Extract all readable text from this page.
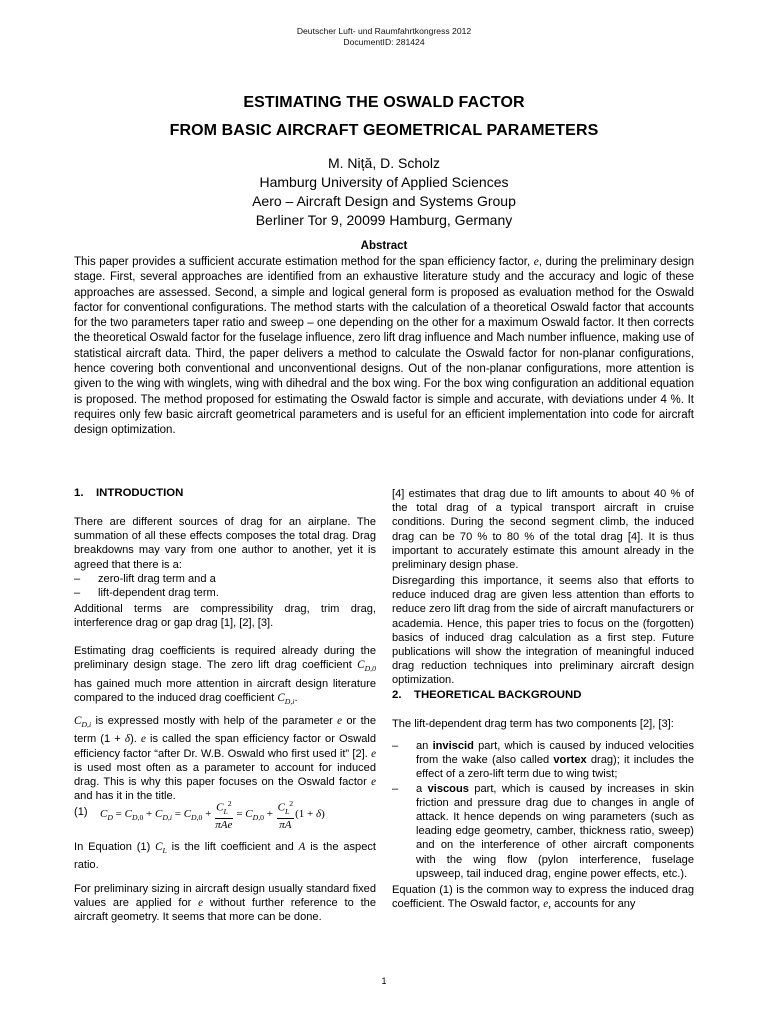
Deutscher Luft- und Raumfahrtkongress 2012
DocumentID: 281424
ESTIMATING THE OSWALD FACTOR
FROM BASIC AIRCRAFT GEOMETRICAL PARAMETERS
M. Niță, D. Scholz
Hamburg University of Applied Sciences
Aero – Aircraft Design and Systems Group
Berliner Tor 9, 20099 Hamburg, Germany
Abstract
This paper provides a sufficient accurate estimation method for the span efficiency factor, e, during the preliminary design stage. First, several approaches are identified from an exhaustive literature study and the accuracy and logic of these approaches are assessed. Second, a simple and logical general form is proposed as evaluation method for the Oswald factor for conventional configurations. The method starts with the calculation of a theoretical Oswald factor that accounts for the two parameters taper ratio and sweep – one depending on the other for a maximum Oswald factor. It then corrects the theoretical Oswald factor for the fuselage influence, zero lift drag influence and Mach number influence, making use of statistical aircraft data. Third, the paper delivers a method to calculate the Oswald factor for non-planar configurations, hence covering both conventional and unconventional designs. Out of the non-planar configurations, more attention is given to the wing with winglets, wing with dihedral and the box wing. For the box wing configuration an additional equation is proposed. The method proposed for estimating the Oswald factor is simple and accurate, with deviations under 4 %. It requires only few basic aircraft geometrical parameters and is useful for an efficient implementation into code for aircraft design optimization.
1. INTRODUCTION
There are different sources of drag for an airplane. The summation of all these effects composes the total drag. Drag breakdowns may vary from one author to another, yet it is agreed that there is a:
– zero-lift drag term and a
– lift-dependent drag term.
Additional terms are compressibility drag, trim drag, interference drag or gap drag [1], [2], [3].
Estimating drag coefficients is required already during the preliminary design stage. The zero lift drag coefficient $C_{D,0}$ has gained much more attention in aircraft design literature compared to the induced drag coefficient $C_{D,i}$.
$C_{D,i}$ is expressed mostly with help of the parameter e or the term (1 + δ). e is called the span efficiency factor or Oswald efficiency factor “after Dr. W.B. Oswald who first used it” [2]. e is used most often as a parameter to account for induced drag. This is why this paper focuses on the Oswald factor e and has it in the title.
(1) $C_D = C_{D,0} + C_{D,i} = C_{D,0} + \frac{C_L^2}{\text{πAe}} = C_{D,0} + \frac{C_L^2}{\pi A} (1 + \delta)$
In Equation (1) $C_L$ is the lift coefficient and A is the aspect ratio.
For preliminary sizing in aircraft design usually standard fixed values are applied for e without further reference to the aircraft geometry. It seems that more can be done.
[4] estimates that drag due to lift amounts to about 40 % of the total drag of a typical transport aircraft in cruise conditions. During the second segment climb, the induced drag can be 70 % to 80 % of the total drag [4]. It is thus important to accurately estimate this amount already in the preliminary design phase.
Disregarding this importance, it seems also that efforts to reduce induced drag are given less attention than efforts to reduce zero lift drag from the side of aircraft manufacturers or academia. Hence, this paper tries to focus on the (forgotten) basics of induced drag calculation as a first step. Future publications will show the integration of meaningful induced drag reduction techniques into preliminary aircraft design optimization.
2. THEORETICAL BACKGROUND
The lift-dependent drag term has two components [2], [3]:
– an inviscid part, which is caused by induced velocities from the wake (also called vortex drag); it includes the effect of a zero-lift term due to wing twist;
– a viscous part, which is caused by increases in skin friction and pressure drag due to changes in angle of attack. It hence depends on wing parameters (such as leading edge geometry, camber, thickness ratio, sweep) and on the interference of other aircraft components with the wing flow (pylon interference, fuselage upsweep, tail induced drag, engine power effects, etc.).
Equation (1) is the common way to express the induced drag coefficient. The Oswald factor, e, accounts for any
1
